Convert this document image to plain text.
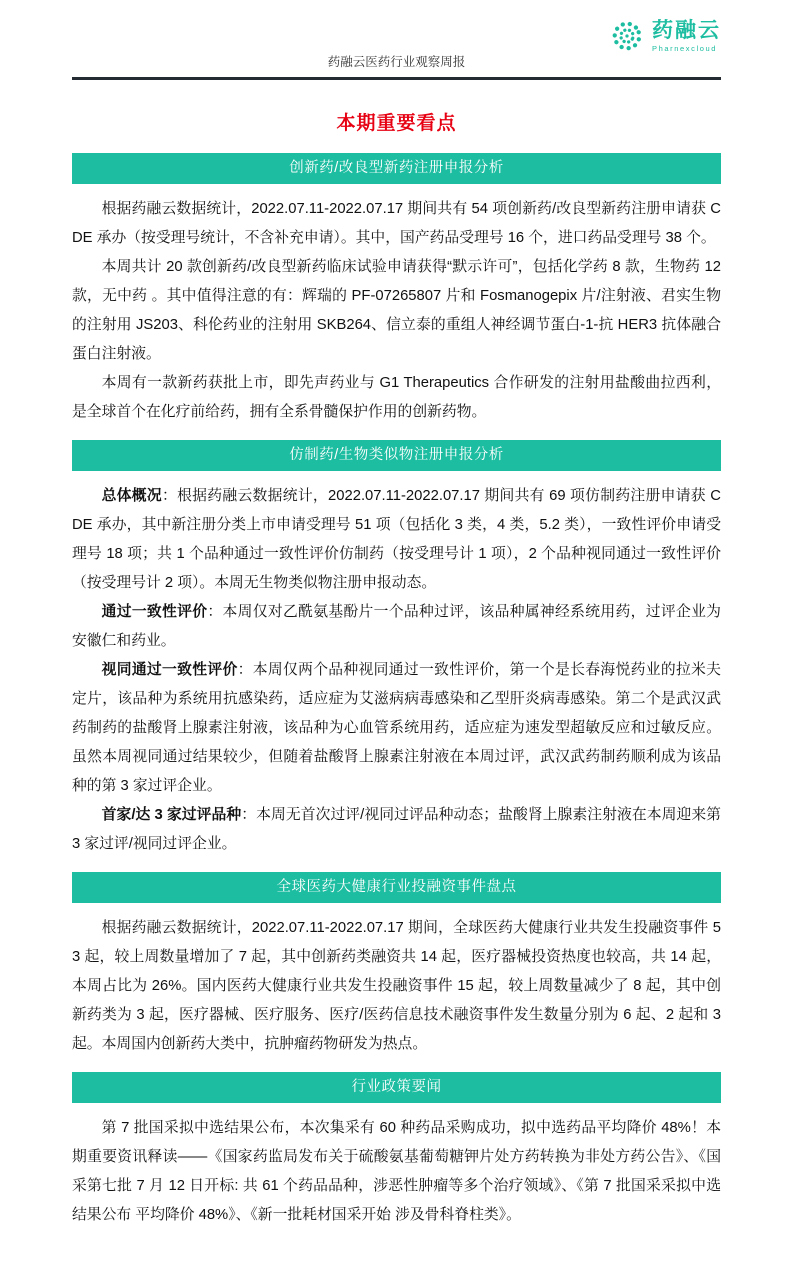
药融云
Pharnexcloud
药融云医药行业观察周报
本期重要看点
创新药/改良型新药注册申报分析

根据药融云数据统计，2022.07.11-2022.07.17 期间共有 54 项创新药/改良型新药注册申请获 CDE 承办（按受理号统计，不含补充申请）。其中，国产药品受理号 16 个，进口药品受理号 38 个。

本周共计 20 款创新药/改良型新药临床试验申请获得“默示许可”，包括化学药 8 款，生物药 12 款，无中药 。其中值得注意的有：辉瑞的 PF-07265807 片和 Fosmanogepix 片/注射液、君实生物的注射用 JS203、科伦药业的注射用 SKB264、信立泰的重组人神经调节蛋白-1-抗 HER3 抗体融合蛋白注射液。

本周有一款新药获批上市，即先声药业与 G1 Therapeutics 合作研发的注射用盐酸曲拉西利，是全球首个在化疗前给药，拥有全系骨髓保护作用的创新药物。

仿制药/生物类似物注册申报分析

总体概况：根据药融云数据统计，2022.07.11-2022.07.17 期间共有 69 项仿制药注册申请获 CDE 承办，其中新注册分类上市申请受理号 51 项（包括化 3 类，4 类，5.2 类），一致性评价申请受理号 18 项；共 1 个品种通过一致性评价仿制药（按受理号计 1 项），2 个品种视同通过一致性评价（按受理号计 2 项）。本周无生物类似物注册申报动态。

通过一致性评价：本周仅对乙酰氨基酚片一个品种过评，该品种属神经系统用药，过评企业为安徽仁和药业。

视同通过一致性评价：本周仅两个品种视同通过一致性评价，第一个是长春海悦药业的拉米夫定片，该品种为系统用抗感染药，适应症为艾滋病病毒感染和乙型肝炎病毒感染。第二个是武汉武药制药的盐酸肾上腺素注射液，该品种为心血管系统用药，适应症为速发型超敏反应和过敏反应。虽然本周视同通过结果较少，但随着盐酸肾上腺素注射液在本周过评，武汉武药制药顺利成为该品种的第 3 家过评企业。

首家/达 3 家过评品种：本周无首次过评/视同过评品种动态；盐酸肾上腺素注射液在本周迎来第 3 家过评/视同过评企业。

全球医药大健康行业投融资事件盘点

根据药融云数据统计，2022.07.11-2022.07.17 期间，全球医药大健康行业共发生投融资事件 53 起，较上周数量增加了 7 起，其中创新药类融资共 14 起，医疗器械投资热度也较高，共 14 起，本周占比为 26%。国内医药大健康行业共发生投融资事件 15 起，较上周数量减少了 8 起，其中创新药类为 3 起，医疗器械、医疗服务、医疗/医药信息技术融资事件发生数量分别为 6 起、2 起和 3 起。本周国内创新药大类中，抗肿瘤药物研发为热点。

行业政策要闻

第 7 批国采拟中选结果公布，本次集采有 60 种药品采购成功，拟中选药品平均降价 48%！本期重要资讯释读——《国家药监局发布关于硫酸氨基葡萄糖钾片处方药转换为非处方药公告》、《国采第七批 7 月 12 日开标: 共 61 个药品品种，涉恶性肿瘤等多个治疗领域》、《第 7 批国采采拟中选结果公布 平均降价 48%》、《新一批耗材国采开始 涉及骨科脊柱类》。
